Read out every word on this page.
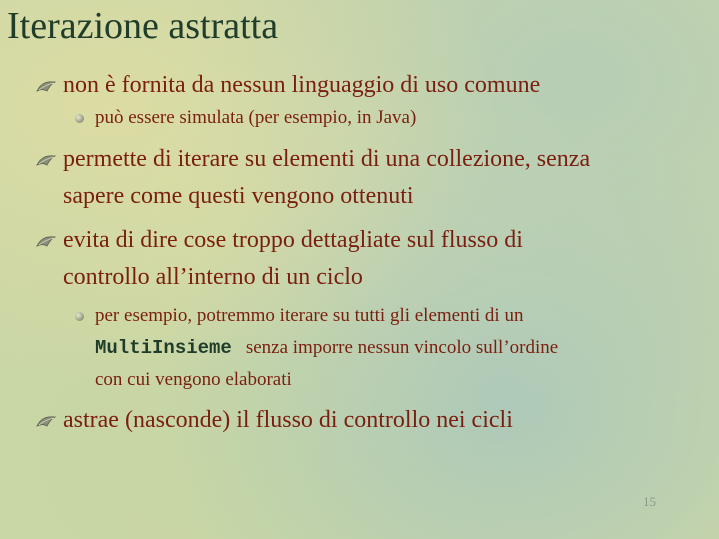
Iterazione astratta
non è fornita da nessun linguaggio di uso comune
può essere simulata (per esempio, in Java)
permette di iterare su elementi di una collezione, senza
sapere come questi vengono ottenuti
evita di dire cose troppo dettagliate sul flusso di
controllo all’interno di un ciclo
per esempio, potremmo iterare su tutti gli elementi di un
MultiInsieme senza imporre nessun vincolo sull’ordine
con cui vengono elaborati
astrae (nasconde) il flusso di controllo nei cicli
15
